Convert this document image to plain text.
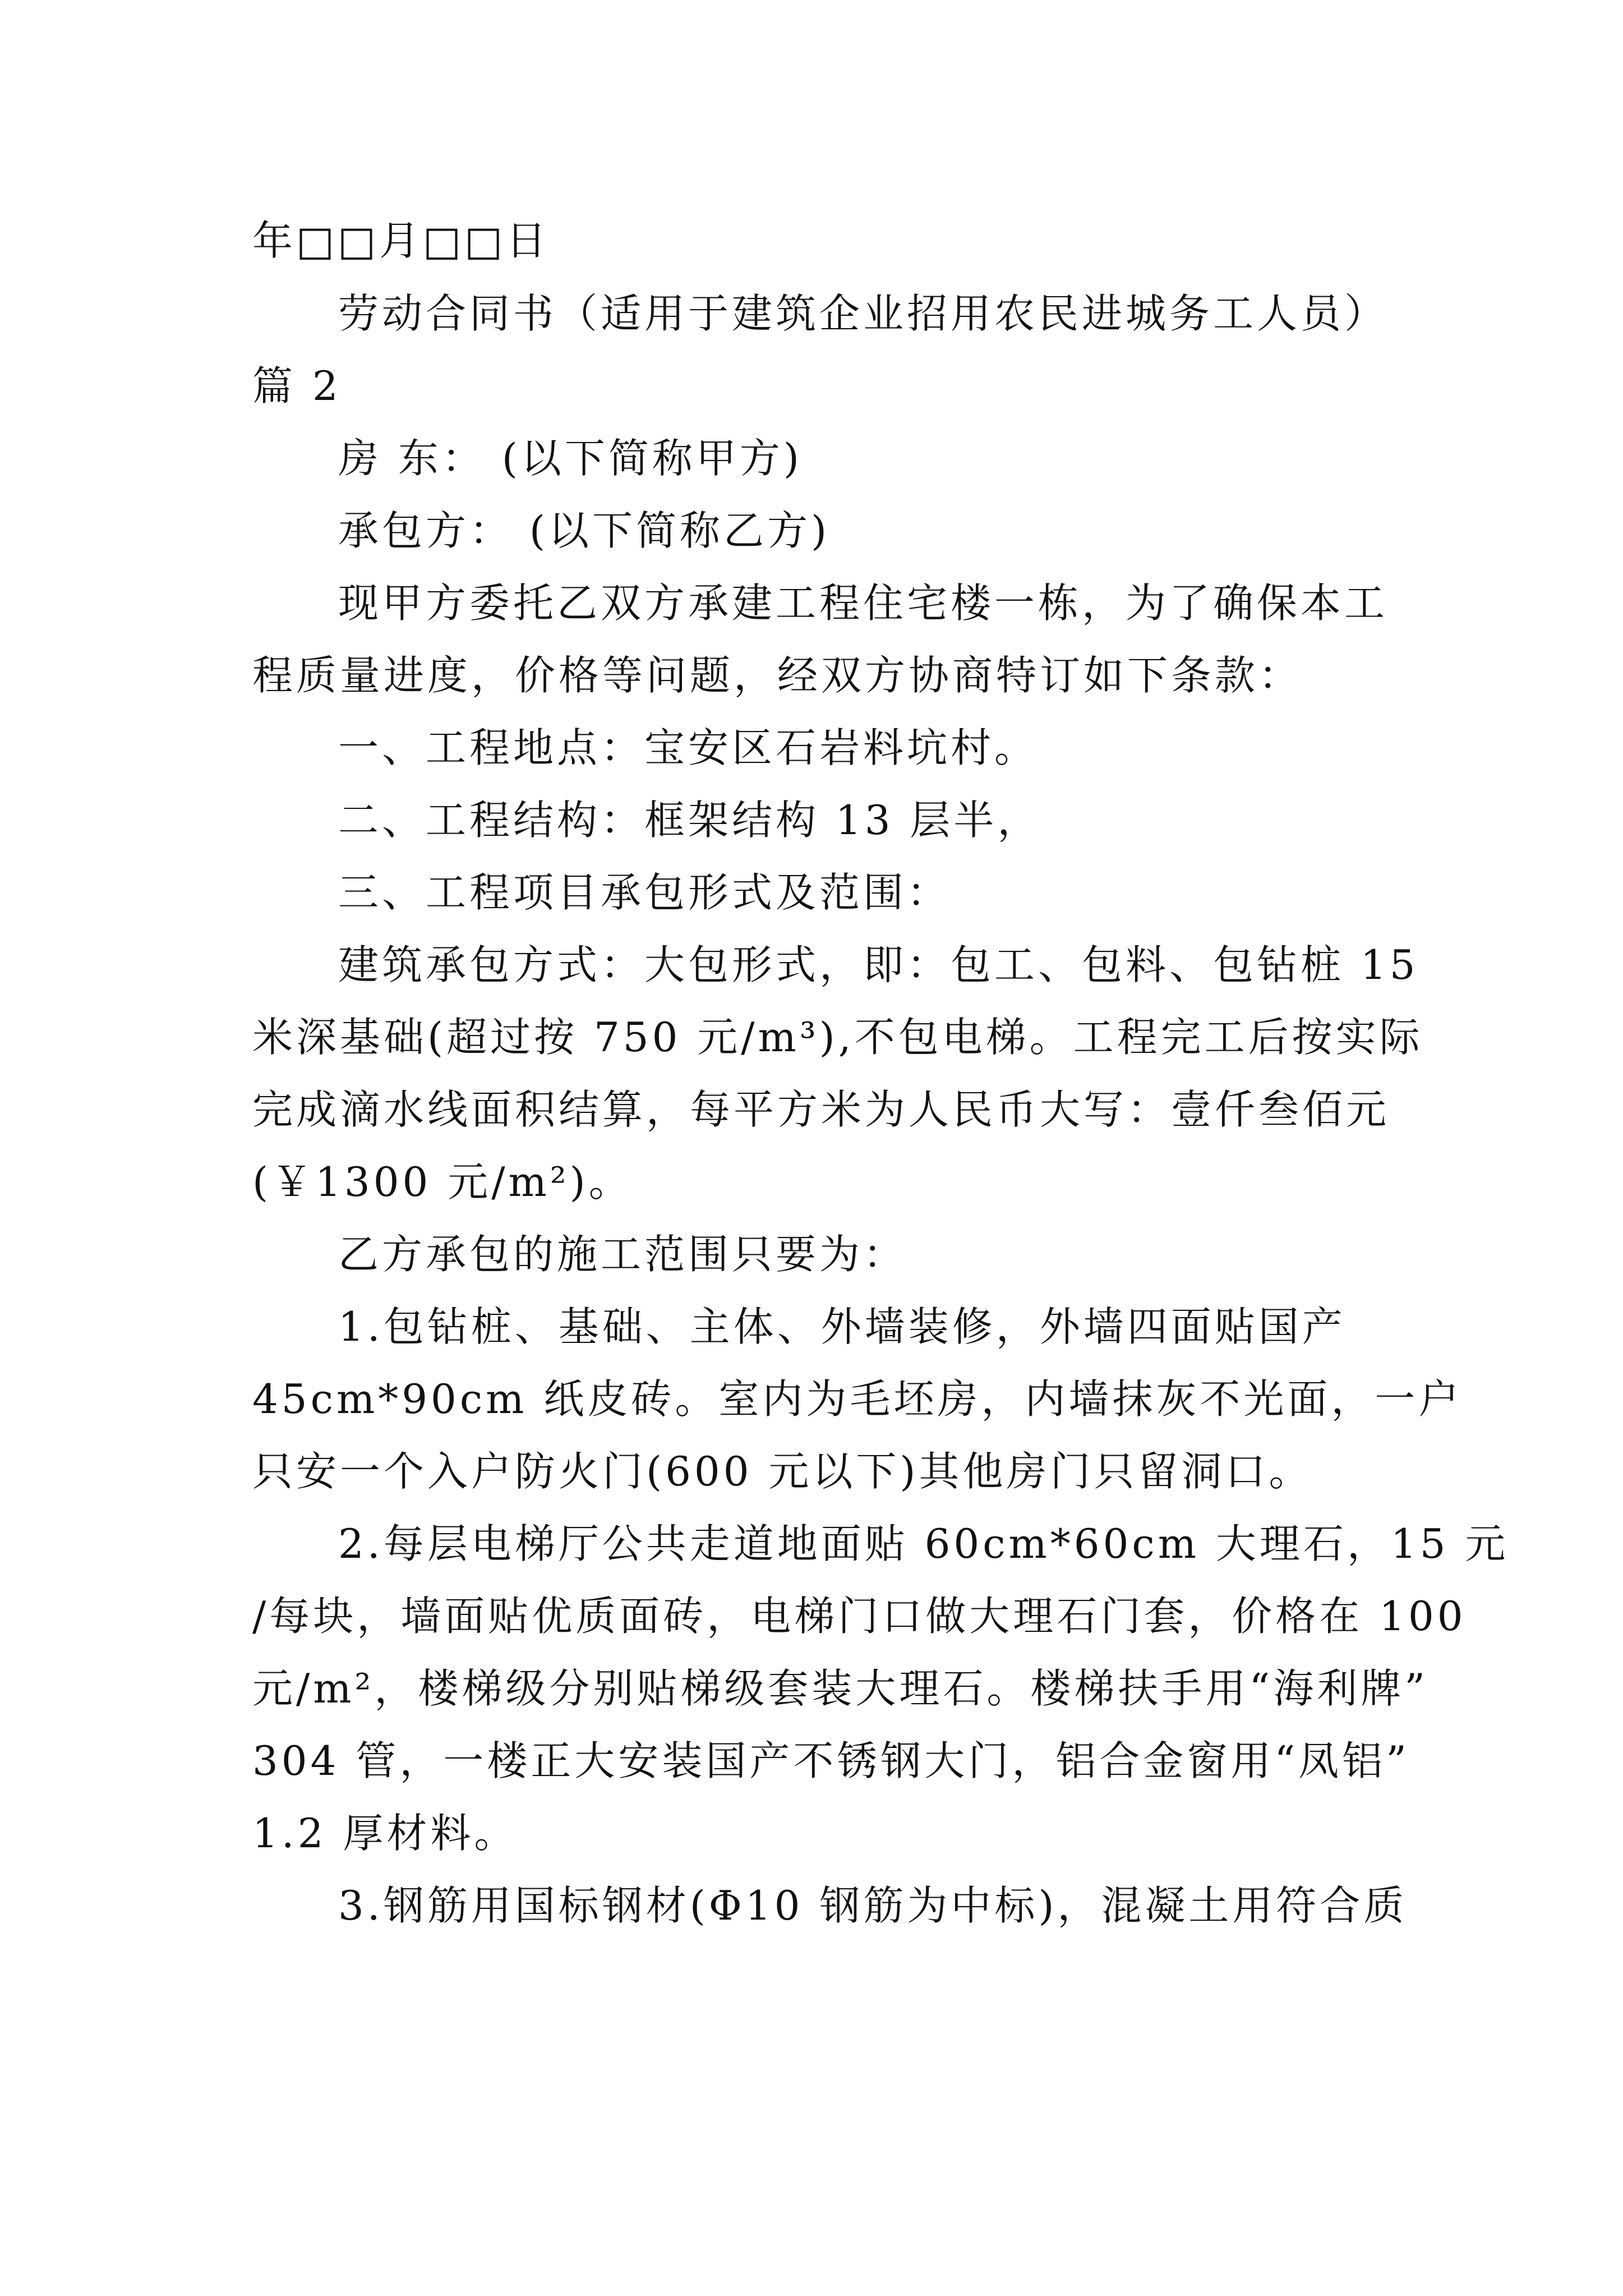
年□□月□□日
劳动合同书（适用于建筑企业招用农民进城务工人员）
篇 2
房 东： (以下简称甲方)
承包方： (以下简称乙方)
现甲方委托乙双方承建工程住宅楼一栋，为了确保本工
程质量进度，价格等问题，经双方协商特订如下条款：
一、工程地点：宝安区石岩料坑村。
二、工程结构：框架结构 13 层半，
三、工程项目承包形式及范围：
建筑承包方式：大包形式，即：包工、包料、包钻桩 15
米深基础(超过按 750 元/m³),不包电梯。工程完工后按实际
完成滴水线面积结算，每平方米为人民币大写：壹仟叁佰元
(￥1300 元/m²)。
乙方承包的施工范围只要为：
1.包钻桩、基础、主体、外墙装修，外墙四面贴国产
45cm*90cm 纸皮砖。室内为毛坯房，内墙抹灰不光面，一户
只安一个入户防火门(600 元以下)其他房门只留洞口。
2.每层电梯厅公共走道地面贴 60cm*60cm 大理石，15 元
/每块，墙面贴优质面砖，电梯门口做大理石门套，价格在 100
元/m²，楼梯级分别贴梯级套装大理石。楼梯扶手用“海利牌”
304 管，一楼正大安装国产不锈钢大门，铝合金窗用“凤铝”
1.2 厚材料。
3.钢筋用国标钢材(Φ10 钢筋为中标)，混凝土用符合质
